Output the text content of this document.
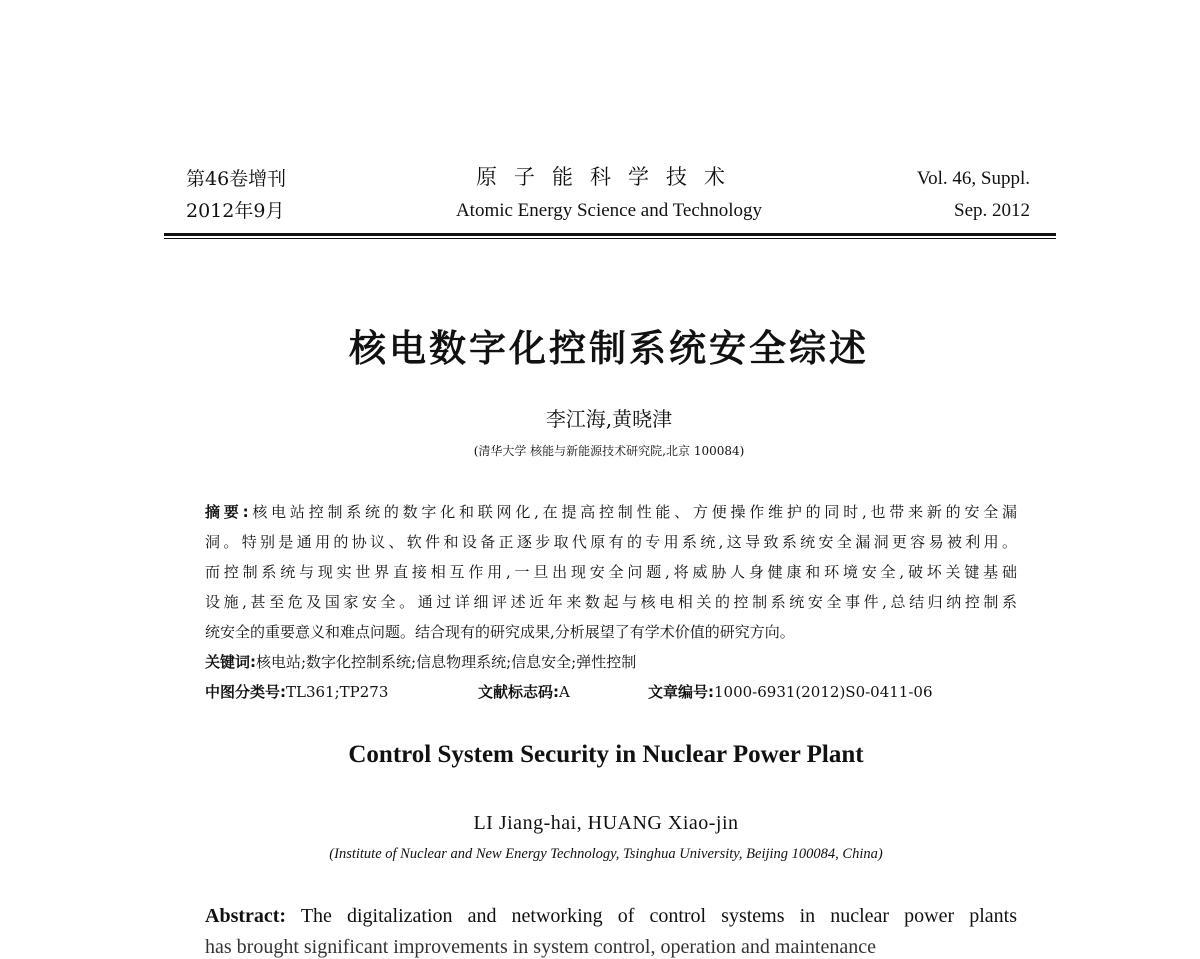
第46卷增刊
2012年9月
原子能科学技术
Atomic Energy Science and Technology
Vol. 46, Suppl.
Sep. 2012
核电数字化控制系统安全综述
李江海,黄晓津
(清华大学 核能与新能源技术研究院,北京 100084)
摘要:核电站控制系统的数字化和联网化,在提高控制性能、方便操作维护的同时,也带来新的安全漏
洞。特别是通用的协议、软件和设备正逐步取代原有的专用系统,这导致系统安全漏洞更容易被利用。
而控制系统与现实世界直接相互作用,一旦出现安全问题,将威胁人身健康和环境安全,破坏关键基础
设施,甚至危及国家安全。通过详细评述近年来数起与核电相关的控制系统安全事件,总结归纳控制系
统安全的重要意义和难点问题。结合现有的研究成果,分析展望了有学术价值的研究方向。
关键词:核电站;数字化控制系统;信息物理系统;信息安全;弹性控制
中图分类号:TL361;TP273	文献标志码:A	文章编号:1000-6931(2012)S0-0411-06
Control System Security in Nuclear Power Plant
LI Jiang-hai, HUANG Xiao-jin
(Institute of Nuclear and New Energy Technology, Tsinghua University, Beijing 100084, China)
Abstract: The digitalization and networking of control systems in nuclear power plants
has brought significant improvements in system control, operation and maintenance
